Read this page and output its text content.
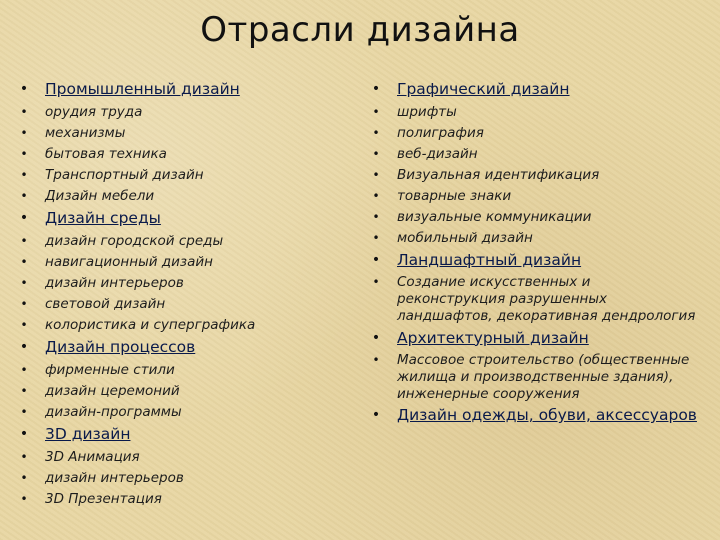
Отрасли дизайна
• Промышленный дизайн
• орудия труда
• механизмы
• бытовая техника
• Транспортный дизайн
• Дизайн мебели
• Дизайн среды
• дизайн городской среды
• навигационный дизайн
• дизайн интерьеров
• световой дизайн
• колористика и суперграфика
• Дизайн процессов
• фирменные стили
• дизайн церемоний
• дизайн-программы
• 3D дизайн
• 3D Анимация
• дизайн интерьеров
• 3D Презентация
• Графический дизайн
• шрифты
• полиграфия
• веб-дизайн
• Визуальная идентификация
• товарные знаки
• визуальные коммуникации
• мобильный дизайн
• Ландшафтный дизайн
• Создание искусственных и реконструкция разрушенных ландшафтов, декоративная дендрология
• Архитектурный дизайн
• Массовое строительство (общественные жилища и производственные здания), инженерные сооружения
• Дизайн одежды, обуви, аксессуаров
